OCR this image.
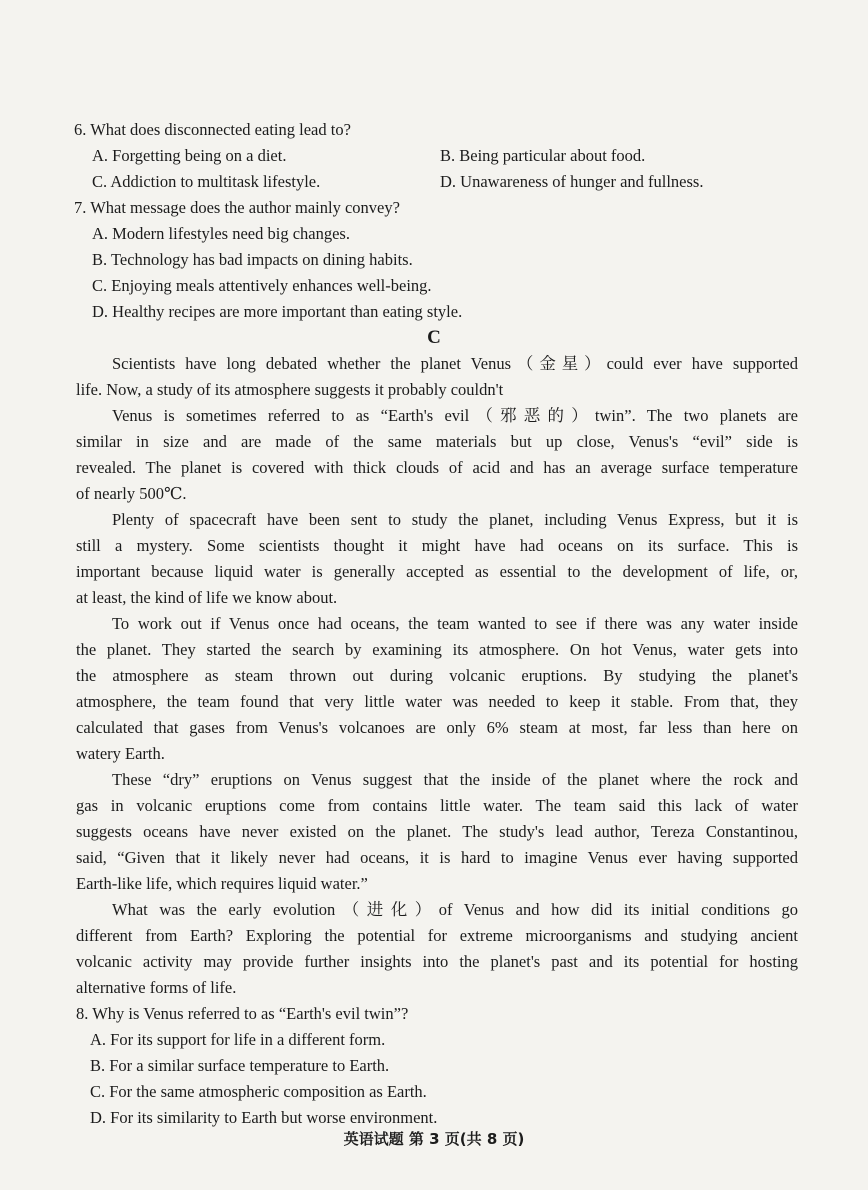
6. What does disconnected eating lead to?
A. Forgetting being on a diet.	B. Being particular about food.
C. Addiction to multitask lifestyle.	D. Unawareness of hunger and fullness.
7. What message does the author mainly convey?
A. Modern lifestyles need big changes.
B. Technology has bad impacts on dining habits.
C. Enjoying meals attentively enhances well-being.
D. Healthy recipes are more important than eating style.
C
Scientists have long debated whether the planet Venus（金星）could ever have supported
life. Now, a study of its atmosphere suggests it probably couldn't
Venus is sometimes referred to as “Earth's evil（邪恶的）twin”. The two planets are
similar in size and are made of the same materials but up close, Venus's “evil” side is
revealed. The planet is covered with thick clouds of acid and has an average surface temperature
of nearly 500℃.
Plenty of spacecraft have been sent to study the planet, including Venus Express, but it is
still a mystery. Some scientists thought it might have had oceans on its surface. This is
important because liquid water is generally accepted as essential to the development of life, or,
at least, the kind of life we know about.
To work out if Venus once had oceans, the team wanted to see if there was any water inside
the planet. They started the search by examining its atmosphere. On hot Venus, water gets into
the atmosphere as steam thrown out during volcanic eruptions. By studying the planet's
atmosphere, the team found that very little water was needed to keep it stable. From that, they
calculated that gases from Venus's volcanoes are only 6% steam at most, far less than here on
watery Earth.
These “dry” eruptions on Venus suggest that the inside of the planet where the rock and
gas in volcanic eruptions come from contains little water. The team said this lack of water
suggests oceans have never existed on the planet. The study's lead author, Tereza Constantinou,
said, “Given that it likely never had oceans, it is hard to imagine Venus ever having supported
Earth-like life, which requires liquid water.”
What was the early evolution（进化）of Venus and how did its initial conditions go
different from Earth? Exploring the potential for extreme microorganisms and studying ancient
volcanic activity may provide further insights into the planet's past and its potential for hosting
alternative forms of life.
8. Why is Venus referred to as “Earth's evil twin”?
A. For its support for life in a different form.
B. For a similar surface temperature to Earth.
C. For the same atmospheric composition as Earth.
D. For its similarity to Earth but worse environment.
英语试题 第 3 页(共 8 页)
